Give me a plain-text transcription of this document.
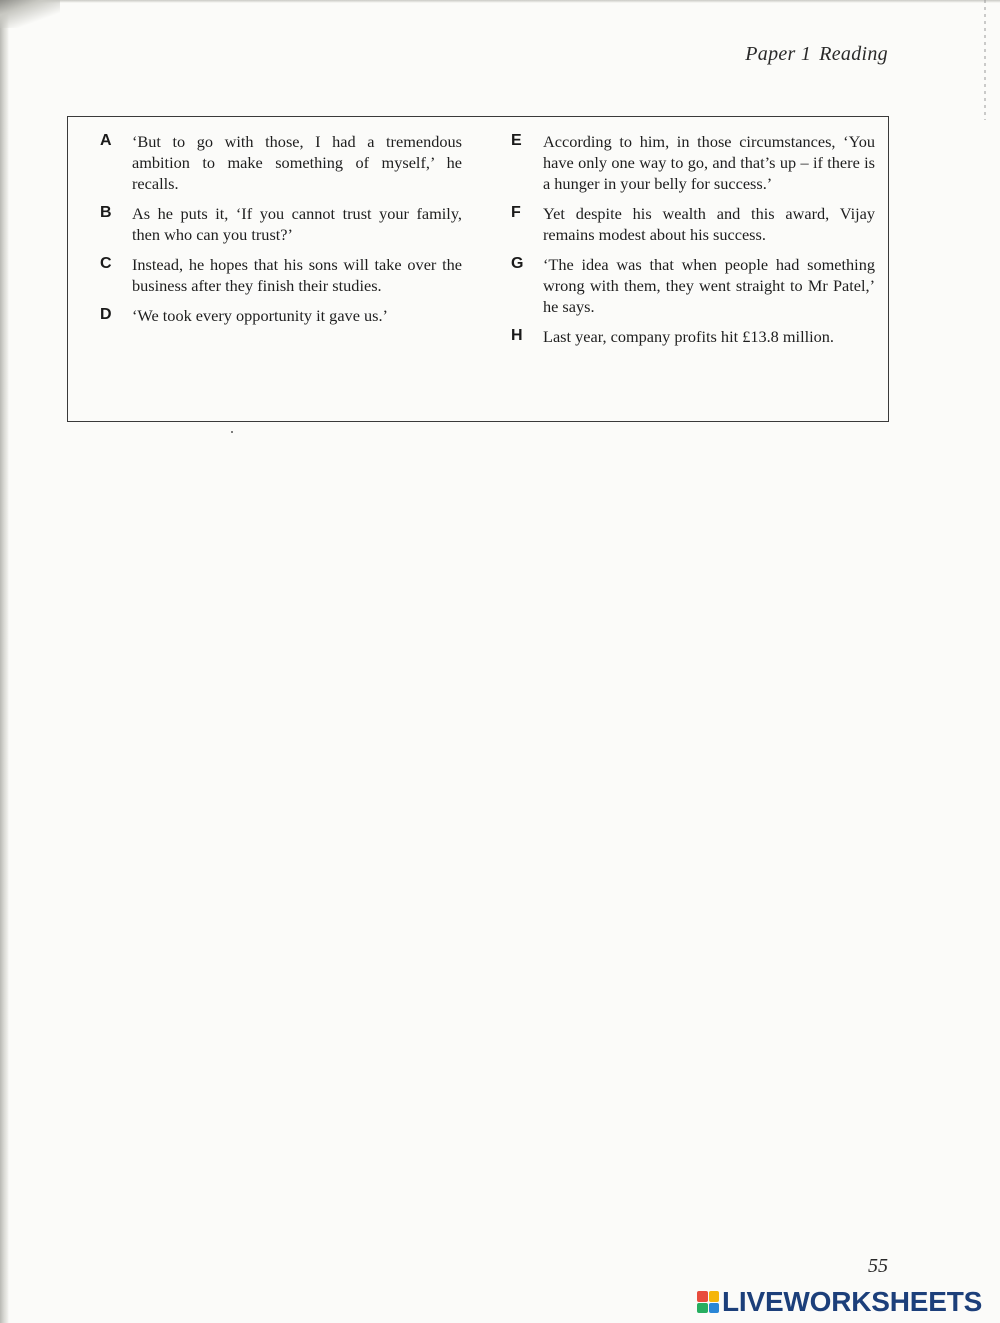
Paper 1 Reading
A ‘But to go with those, I had a tremendous ambition to make something of myself,’ he recalls.
B As he puts it, ‘If you cannot trust your family, then who can you trust?’
C Instead, he hopes that his sons will take over the business after they finish their studies.
D ‘We took every opportunity it gave us.’
E According to him, in those circumstances, ‘You have only one way to go, and that’s up – if there is a hunger in your belly for success.’
F Yet despite his wealth and this award, Vijay remains modest about his success.
G ‘The idea was that when people had something wrong with them, they went straight to Mr Patel,’ he says.
H Last year, company profits hit £13.8 million.
55
LIVEWORKSHEETS
